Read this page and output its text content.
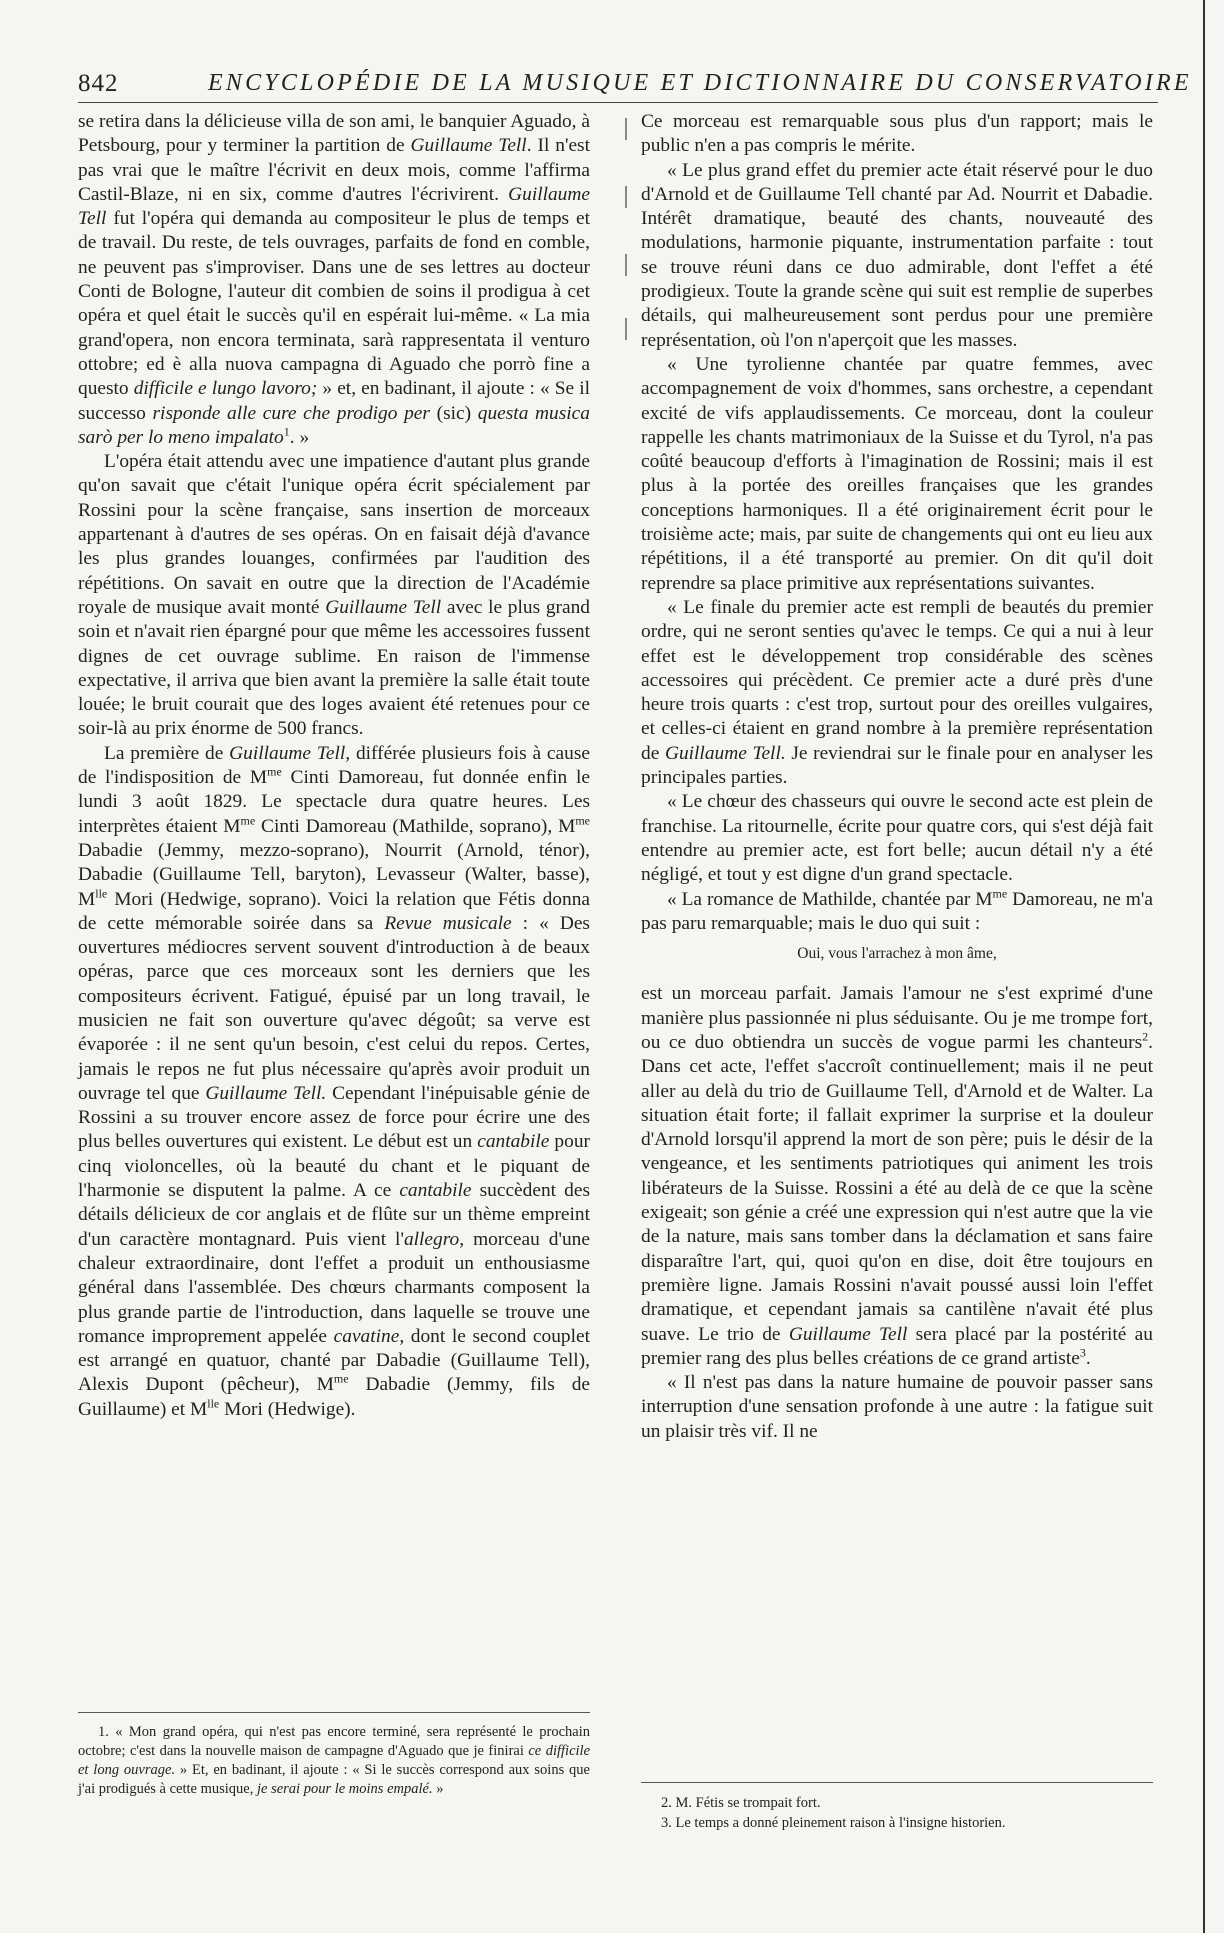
842	ENCYCLOPÉDIE DE LA MUSIQUE ET DICTIONNAIRE DU CONSERVATOIRE

se retira dans la délicieuse villa de son ami, le banquier Aguado, à Petsbourg, pour y terminer la partition de Guillaume Tell. Il n'est pas vrai que le maître l'écrivit en deux mois, comme l'affirma Castil-Blaze, ni en six, comme d'autres l'écrivirent. Guillaume Tell fut l'opéra qui demanda au compositeur le plus de temps et de travail. Du reste, de tels ouvrages, parfaits de fond en comble, ne peuvent pas s'improviser. Dans une de ses lettres au docteur Conti de Bologne, l'auteur dit combien de soins il prodigua à cet opéra et quel était le succès qu'il en espérait lui-même. « La mia grand'opera, non encora terminata, sarà rappresentata il venturo ottobre; ed è alla nuova campagna di Aguado che porrò fine a questo difficile e lungo lavoro; » et, en badinant, il ajoute : « Se il successo risponde alle cure che prodigo per (sic) questa musica sarò per lo meno impalato$^1$. »

L'opéra était attendu avec une impatience d'autant plus grande qu'on savait que c'était l'unique opéra écrit spécialement par Rossini pour la scène française, sans insertion de morceaux appartenant à d'autres de ses opéras. On en faisait déjà d'avance les plus grandes louanges, confirmées par l'audition des répétitions. On savait en outre que la direction de l'Académie royale de musique avait monté Guillaume Tell avec le plus grand soin et n'avait rien épargné pour que même les accessoires fussent dignes de cet ouvrage sublime. En raison de l'immense expectative, il arriva que bien avant la première la salle était toute louée; le bruit courait que des loges avaient été retenues pour ce soir-là au prix énorme de 500 francs.

La première de Guillaume Tell, différée plusieurs fois à cause de l'indisposition de $M^{me}$ Cinti Damoreau, fut donnée enfin le lundi 3 août 1829. Le spectacle dura quatre heures. Les interprètes étaient $M^{me}$ Cinti Damoreau (Mathilde, soprano), $M^{me}$ Dabadie (Jemmy, mezzo-soprano), Nourrit (Arnold, ténor), Dabadie (Guillaume Tell, baryton), Levasseur (Walter, basse), $M^{lle}$ Mori (Hedwige, soprano). Voici la relation que Fétis donna de cette mémorable soirée dans sa Revue musicale : « Des ouvertures médiocres servent souvent d'introduction à de beaux opéras, parce que ces morceaux sont les derniers que les compositeurs écrivent. Fatigué, épuisé par un long travail, le musicien ne fait son ouverture qu'avec dégoût; sa verve est évaporée : il ne sent qu'un besoin, c'est celui du repos. Certes, jamais le repos ne fut plus nécessaire qu'après avoir produit un ouvrage tel que Guillaume Tell. Cependant l'inépuisable génie de Rossini a su trouver encore assez de force pour écrire une des plus belles ouvertures qui existent. Le début est un cantabile pour cinq violoncelles, où la beauté du chant et le piquant de l'harmonie se disputent la palme. A ce cantabile succèdent des détails délicieux de cor anglais et de flûte sur un thème empreint d'un caractère montagnard. Puis vient l'allegro, morceau d'une chaleur extraordinaire, dont l'effet a produit un enthousiasme général dans l'assemblée. Des chœurs charmants composent la plus grande partie de l'introduction, dans laquelle se trouve une romance improprement appelée cavatine, dont le second couplet est arrangé en quatuor, chanté par Dabadie (Guillaume Tell), Alexis Dupont (pêcheur), $M^{me}$ Dabadie (Jemmy, fils de Guillaume) et $M^{lle}$ Mori (Hedwige).

1. « Mon grand opéra, qui n'est pas encore terminé, sera représenté le prochain octobre; c'est dans la nouvelle maison de campagne d'Aguado que je finirai ce difficile et long ouvrage. » Et, en badinant, il ajoute : « Si le succès correspond aux soins que j'ai prodigués à cette musique, je serai pour le moins empalé. »

Ce morceau est remarquable sous plus d'un rapport; mais le public n'en a pas compris le mérite.

« Le plus grand effet du premier acte était réservé pour le duo d'Arnold et de Guillaume Tell chanté par Ad. Nourrit et Dabadie. Intérêt dramatique, beauté des chants, nouveauté des modulations, harmonie piquante, instrumentation parfaite : tout se trouve réuni dans ce duo admirable, dont l'effet a été prodigieux. Toute la grande scène qui suit est remplie de superbes détails, qui malheureusement sont perdus pour une première représentation, où l'on n'aperçoit que les masses.

« Une tyrolienne chantée par quatre femmes, avec accompagnement de voix d'hommes, sans orchestre, a cependant excité de vifs applaudissements. Ce morceau, dont la couleur rappelle les chants matrimoniaux de la Suisse et du Tyrol, n'a pas coûté beaucoup d'efforts à l'imagination de Rossini; mais il est plus à la portée des oreilles françaises que les grandes conceptions harmoniques. Il a été originairement écrit pour le troisième acte; mais, par suite de changements qui ont eu lieu aux répétitions, il a été transporté au premier. On dit qu'il doit reprendre sa place primitive aux représentations suivantes.

« Le finale du premier acte est rempli de beautés du premier ordre, qui ne seront senties qu'avec le temps. Ce qui a nui à leur effet est le développement trop considérable des scènes accessoires qui précèdent. Ce premier acte a duré près d'une heure trois quarts : c'est trop, surtout pour des oreilles vulgaires, et celles-ci étaient en grand nombre à la première représentation de Guillaume Tell. Je reviendrai sur le finale pour en analyser les principales parties.

« Le chœur des chasseurs qui ouvre le second acte est plein de franchise. La ritournelle, écrite pour quatre cors, qui s'est déjà fait entendre au premier acte, est fort belle; aucun détail n'y a été négligé, et tout y est digne d'un grand spectacle.

« La romance de Mathilde, chantée par $M^{me}$ Damoreau, ne m'a pas paru remarquable; mais le duo qui suit :

Oui, vous l'arrachez à mon âme,

est un morceau parfait. Jamais l'amour ne s'est exprimé d'une manière plus passionnée ni plus séduisante. Ou je me trompe fort, ou ce duo obtiendra un succès de vogue parmi les chanteurs$^2$. Dans cet acte, l'effet s'accroît continuellement; mais il ne peut aller au delà du trio de Guillaume Tell, d'Arnold et de Walter. La situation était forte; il fallait exprimer la surprise et la douleur d'Arnold lorsqu'il apprend la mort de son père; puis le désir de la vengeance, et les sentiments patriotiques qui animent les trois libérateurs de la Suisse. Rossini a été au delà de ce que la scène exigeait; son génie a créé une expression qui n'est autre que la vie de la nature, mais sans tomber dans la déclamation et sans faire disparaître l'art, qui, quoi qu'on en dise, doit être toujours en première ligne. Jamais Rossini n'avait poussé aussi loin l'effet dramatique, et cependant jamais sa cantilène n'avait été plus suave. Le trio de Guillaume Tell sera placé par la postérité au premier rang des plus belles créations de ce grand artiste$^3$.

« Il n'est pas dans la nature humaine de pouvoir passer sans interruption d'une sensation profonde à une autre : la fatigue suit un plaisir très vif. Il ne

2. M. Fétis se trompait fort.

3. Le temps a donné pleinement raison à l'insigne historien.
